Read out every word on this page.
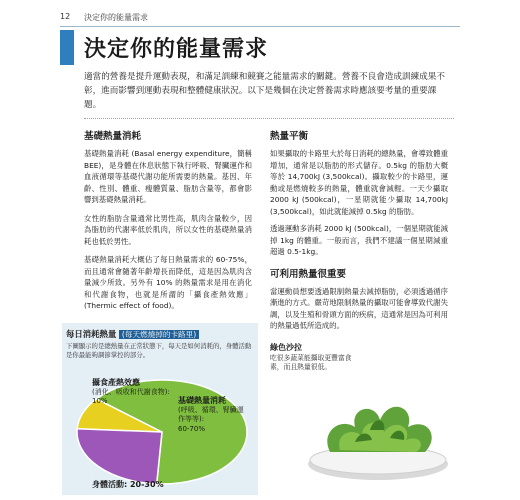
12 決定你的能量需求
決定你的能量需求

適當的營養是提升運動表現，和滿足訓練和競賽之能量需求的關鍵。營養不良會造成訓練成果不彰，進而影響到運動表現和整體健康狀況。以下是幾個在決定營養需求時應該要考量的重要課題。

基礎熱量消耗

基礎熱量消耗 (Basal energy expenditure，簡稱BEE)，是身體在休息狀態下執行呼吸、腎臟運作和血液循環等基礎代謝功能所需要的熱量。基因、年齡、性別、體重、瘦體質量、脂肪含量等，都會影響到基礎熱量消耗。

女性的脂肪含量通常比男性高，肌肉含量較少，因為脂肪的代謝率低於肌肉，所以女性的基礎熱量消耗也低於男性。

基礎熱量消耗大概佔了每日熱量需求的 60-75%，而且通常會隨著年齡增長而降低，這是因為肌肉含量減少所致。另外有 10% 的熱量需求是用在消化和代謝食物，也就是所謂的「攝食產熱效應」(Thermic effect of food)。

熱量平衡

如果攝取的卡路里大於每日消耗的總熱量，會導致體重增加，通常是以脂肪的形式儲存。0.5kg 的脂肪大概等於 14,700kJ (3,500kcal)。攝取較少的卡路里，運動或是燃燒較多的熱量，體重就會減輕。一天少攝取 2000 kJ (500kcal)，一星期就能少攝取 14,700kJ (3,500kcal)，如此就能減掉 0.5kg 的脂肪。

透過運動多消耗 2000 kJ (500kcal)，一個星期就能減掉 1kg 的體重。一般而言，我們不建議一個星期減重超過 0.5-1kg。

可利用熱量很重要

當運動員想要透過限制熱量去減掉脂肪，必須透過循序漸進的方式。嚴苛地限制熱量的攝取可能會導致代謝失調，以及生殖和骨頭方面的疾病，這通常是因為可利用的熱量過低所造成的。

每日消耗熱量 (每天燃燒掉的卡路里)

下圖顯示的是總熱量在正常狀態下，每天是如何消耗的，身體活動是你最能夠調節掌控的部分。

攝食產熱效應
(消化、吸收和代謝食物):
10%	基礎熱量消耗
(呼吸、循環、腎臟運作等等):
60-70%
身體活動: 20-30%

綠色沙拉

吃很多蔬菜能攝取更豐富食素，而且熱量很低。
